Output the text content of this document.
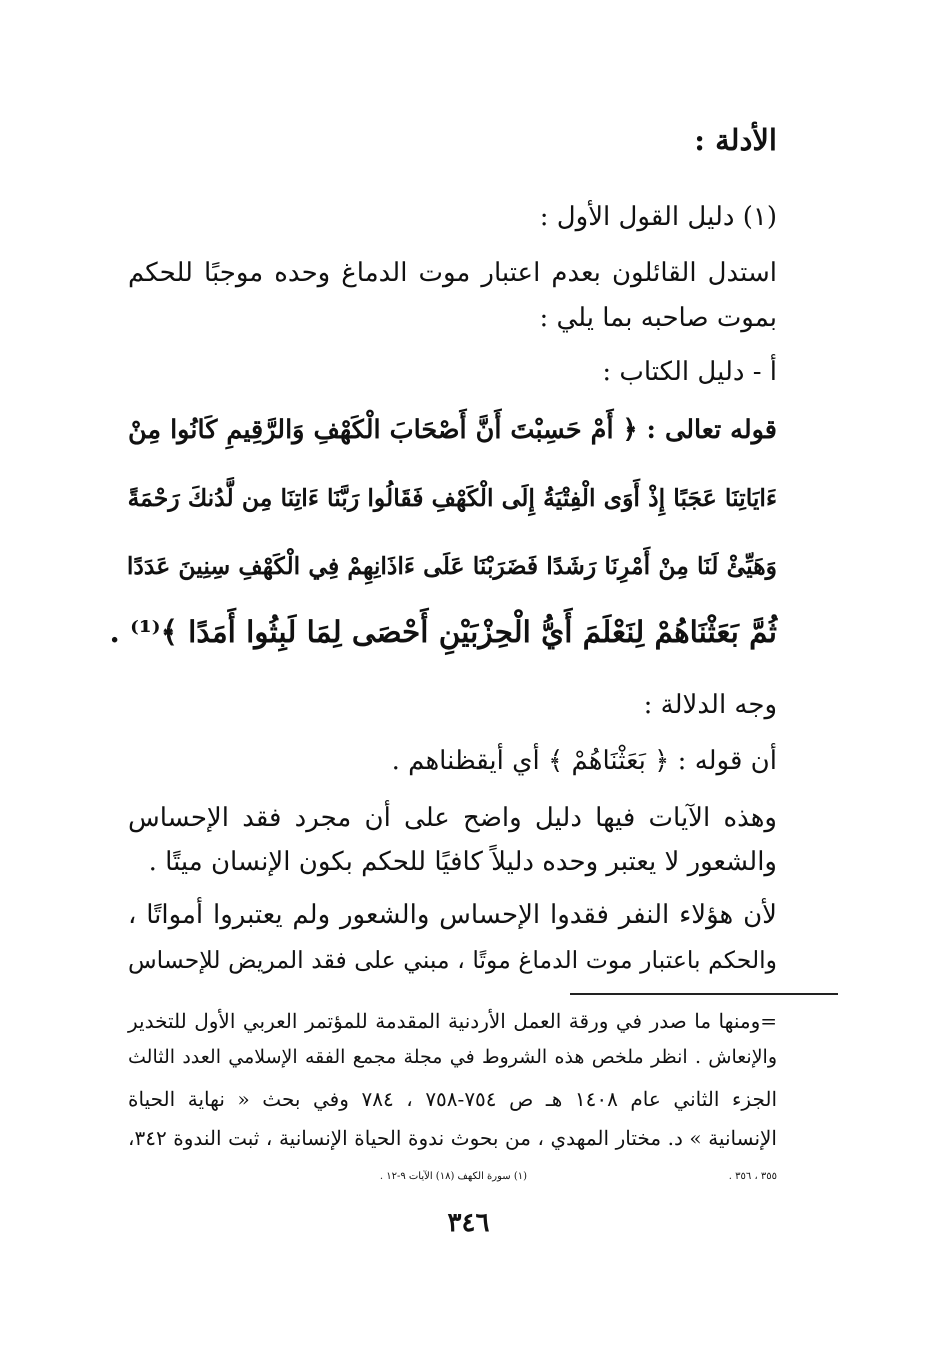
الأدلة :
(١) دليل القول الأول :
استدل القائلون بعدم اعتبار موت الدماغ وحده موجبًا للحكم
بموت صاحبه بما يلي :
أ - دليل الكتاب :
قوله تعالى : ﴿ أَمْ حَسِبْتَ أَنَّ أَصْحَابَ الْكَهْفِ وَالرَّقِيمِ كَانُوا مِنْ
ءَايَاتِنَا عَجَبًا إِذْ أَوَى الْفِتْيَةُ إِلَى الْكَهْفِ فَقَالُوا رَبَّنَا ءَاتِنَا مِن لَّدُنكَ رَحْمَةً
وَهَيِّئْ لَنَا مِنْ أَمْرِنَا رَشَدًا فَضَرَبْنَا عَلَى ءَاذَانِهِمْ فِي الْكَهْفِ سِنِينَ عَدَدًا
ثُمَّ بَعَثْنَاهُمْ لِنَعْلَمَ أَيُّ الْحِزْبَيْنِ أَحْصَى لِمَا لَبِثُوا أَمَدًا ﴾⁽¹⁾ .
وجه الدلالة :
أن قوله : ﴿ بَعَثْنَاهُمْ ﴾ أي أيقظناهم .
وهذه الآيات فيها دليل واضح على أن مجرد فقد الإحساس
والشعور لا يعتبر وحده دليلاً كافيًا للحكم بكون الإنسان ميتًا .
لأن هؤلاء النفر فقدوا الإحساس والشعور ولم يعتبروا أمواتًا ،
والحكم باعتبار موت الدماغ موتًا ، مبني على فقد المريض للإحساس
=ومنها ما صدر في ورقة العمل الأردنية المقدمة للمؤتمر العربي الأول للتخدير
والإنعاش . انظر ملخص هذه الشروط في مجلة مجمع الفقه الإسلامي العدد الثالث
الجزء الثاني عام ١٤٠٨ هـ ص ٧٥٤-٧٥٨ ، ٧٨٤ وفي بحث « نهاية الحياة
الإنسانية » د. مختار المهدي ، من بحوث ندوة الحياة الإنسانية ، ثبت الندوة ٣٤٢،
٣٥٥ ، ٣٥٦ .
(١) سورة الكهف (١٨) الآيات ٩-١٢ .
٣٤٦
